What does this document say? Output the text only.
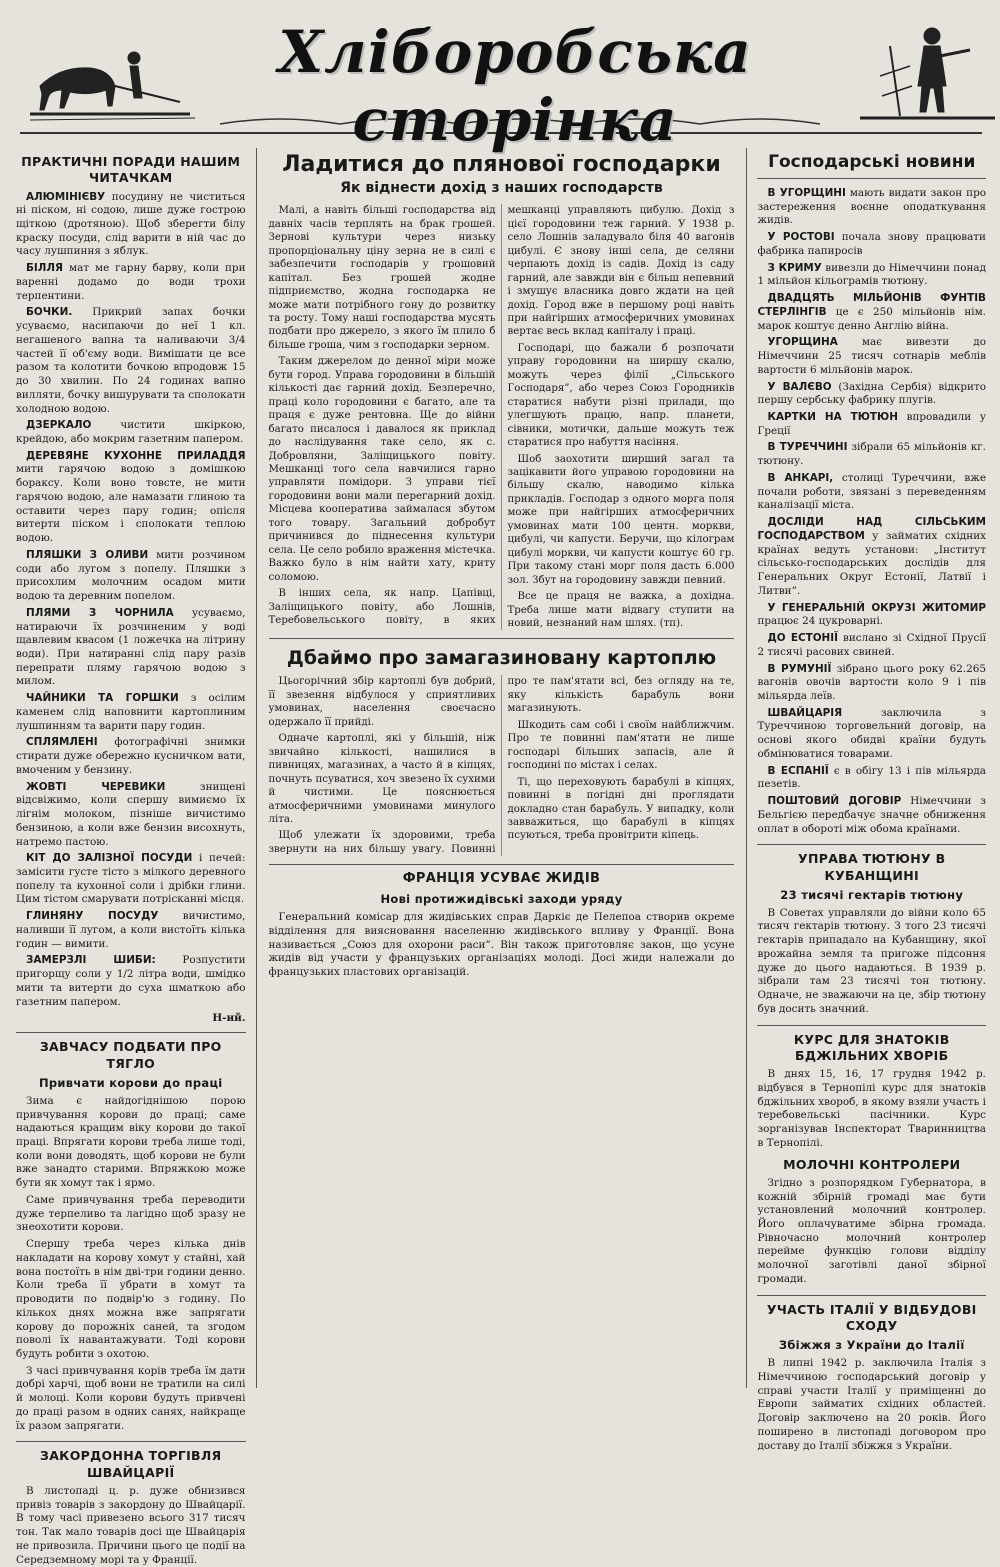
Хліборобська сторінка
ПРАКТИЧНІ ПОРАДИ НАШИМ ЧИТАЧКАМ

АЛЮМІНІЄВУ посудину не чиститься ні піском, ні содою, лише дуже гострою щіткою (дротяною). Щоб зберегти білу краску посуди, слід варити в ній час до часу лушпиння з яблук.

БІЛЛЯ мат ме гарну барву, коли при варенні додамо до води трохи терпентини.

БОЧКИ. Прикрий запах бочки усуваємо, насипаючи до неї 1 кл. негашеного вапна та наливаючи 3/4 частей її об'єму води. Вимішати це все разом та колотити бочкою впродовж 15 до 30 хвилин. По 24 годинах вапно вилляти, бочку вишурувати та сполокати холодною водою.

ДЗЕРКАЛО	чистити шкіркою, крейдою, або мокрим газетним папером.

ДЕРЕВЯНЕ КУХОННЕ ПРИЛАДДЯ мити гарячою водою з домішкою бораксу. Коли воно товсте, не мити гарячою водою, але намазати глиною та оставити через пару годин; опісля витерти піском і сполокати теплою водою.

ПЛЯШКИ З ОЛИВИ мити розчином соди або лугом з попелу. Пляшки з присохлим молочним осадом мити водою та деревним попелом.

ПЛЯМИ З ЧОРНИЛА усуваємо, натираючи їх розчиненим у воді щавлевим квасом (1 ложечка на літрину води). При натиранні слід пару разів перепрати пляму гарячою водою з милом.

ЧАЙНИКИ ТА ГОРШКИ з осілим каменем слід наповнити картоплиним лушпинням та варити пару годин.

СПЛЯМЛЕНІ фотографічні знимки стирати дуже обережно кусничком вати, вмоченим у бензину.

ЖОВТІ ЧЕРЕВИКИ	знищені відсвіжимо, коли спершу вимиємо їх лігнім молоком, пізніше вичистимо бензиною, а коли вже бензин висохнуть, натремо пастою.

КІТ ДО ЗАЛІЗНОЇ ПОСУДИ і печей: замісити густе тісто з мілкого деревного попелу та кухонної соли і дрібки глини. Цим тістом смарувати потрісканні місця.

ГЛИНЯНУ ПОСУДУ вичистимо, наливши її лугом, а коли вистоїть кілька годин — вимити.

ЗАМЕРЗЛІ ШИБИ:	Розпустити пригорщу соли у 1/2 літра води, шмідко мити та витерти до суха шматкою або газетним папером.

Н-ий.
ЗАВЧАСУ ПОДБАТИ ПРО ТЯГЛО
Привчати корови до праці

Зима є найдогіднішою порою привчування корови до праці; саме надаються кращим віку корови до такої праці. Впрягати корови треба лише тоді, коли вони доводять, щоб корови не були вже занадто старими. Впряжкою може бути як хомут так і ярмо.

Саме привчування треба переводити дуже терпеливо та лагідно щоб зразу не знеохотити корови.

Спершу треба через кілька днів накладати на корову хомут у стайні, хай вона постоїть в нім дві-три години денно. Коли треба її убрати в хомут та проводити по подвір'ю з годину. По кількох днях можна вже запрягати корову до порожніх саней, та згодом поволі їх навантажувати. Тоді корови будуть робити з охотою.

З часі привчування корів треба їм дати добрі харчі, щоб вони не тратили на силі й молоці. Коли корови будуть привчені до праці разом в одних санях, найкраще їх разом запрягати.

ЗАКОРДОННА ТОРГІВЛЯ ШВАЙЦАРІЇ

В листопаді ц. р. дуже обнизився привіз товарів з закордону до Швайцарії. В тому часі привезено всього 317 тисяч тон. Так мало товарів досі ще Швайцарія не привозила. Причини цього це події на Середземному морі та у Франції.

Ладитися до плянової господарки
Як віднести дохід з наших господарств

Малі, а навіть більші господарства від давніх часів терплять на брак грошей. Зернові культури через низьку пропорціональну ціну зерна не в силі є забезпечити господарів у грошовий капітал. Без грошей жодне підприємство, жодна господарка не може мати потрібного гону до розвитку та росту. Тому наші господарства мусять подбати про джерело, з якого їм плило б більше гроша, чим з господарки зерном.

Таким джерелом до денної міри може бути город. Управа городовини в більшій кількості дає гарний дохід. Безперечно, праці коло городовини є багато, але та праця є дуже рентовна. Ще до війни багато писалося і давалося як приклад до наслідування таке село, як с. Добровляни, Заліщицького повіту. Мешканці того села навчилися гарно управляти помідори. З управи тієї городовини вони мали перегарний дохід. Місцева кооператива займалася збутом того товару. Загальний добробут причинився до піднесення культури села. Це село робило враження містечка. Важко було в нім найти хату, криту соломою.

В інших села, як напр. Цапівці, Заліщицького повіту, або Лошнів, Теребовельського повіту, в яких мешканці управляють цибулю. Дохід з цієї городовини теж гарний. У 1938 р. село Лошнів заладувало біля 40 вагонів цибулі. Є знову інші села, де селяни черпають дохід із садів. Дохід із саду гарний, але завжди він є більш непевний і змушує власника довго ждати на цей дохід. Город вже в першому році навіть при найгірших атмосферичних умовинах вертає весь вклад капіталу і праці.

Господарі, що бажали б розпочати управу городовини на ширшу скалю, можуть через філії „Сільського Господаря”, або через Союз Городників старатися набути різні прилади, що улегшують працю, напр. планети, сівники, мотички, дальше можуть теж старатися про набуття насіння.

Шоб заохотити ширший загал та зацікавити його управою городовини на більшу скалю, наводимо кілька прикладів. Господар з одного морга поля може при найгірших атмосферичних умовинах мати 100 центн. моркви, цибулі, чи капусти. Беручи, що кілограм цибулі моркви, чи капусти коштує 60 гр. При такому стані морг поля дасть 6.000 зол. Збут на городовину завжди певний.

Все це праця не важка, а дохідна. Треба лише мати відвагу ступити на новий, незнаний нам шлях. (тп).

Дбаймо про замагазиновану картоплю

Цьогорічний збір картоплі був добрий, її звезення відбулося у сприятливих умовинах, населення своєчасно одержало її прийді.

Одначе картоплі, які у більшій, ніж звичайно кількості, нашилися в пивницях, магазинах, а часто й в кіпцях, почнуть псуватися, хоч звезено їх сухими й чистими. Це пояснюється атмосферичними умовинами минулого літа.

Щоб улежати їх здоровими, треба звернути на них більшу увагу. Повинні про те пам'ятати всі, без огляду на те, яку кількість барабуль вони магазинують.

Шкодить сам собі і своїм найближчим. Про те повинні пам'ятати не лише господарі більших запасів, але й господині по містах і селах.

Ті, що переховують барабулі в кіпцях, повинні в погідні дні проглядати докладно стан барабуль. У випадку, коли завважиться, що барабулі в кіпцях псуються, треба провітрити кіпець.

ФРАНЦІЯ УСУВАЄ ЖИДІВ
Нові протижидівські заходи уряду

Генеральний комісар для жидівських справ Даркіє де Пелепоа створив окреме відділення для виясновання населенню жидівського впливу у Франції. Вона називається „Союз для охорони раси”. Він також приготовляє закон, що усуне жидів від участи у французьких організаціях молоді. Досі жиди належали до французьких пластових організацій.

Господарські новини

В УГОРЩИНІ мають видати закон про застереження воєнне оподаткування жидів.

У РОСТОВІ почала знову працювати фабрика папиросів

З КРИМУ вивезли до Німеччини понад 1 мільйон кільограмів тютюну.

ДВАДЦЯТЬ МІЛЬЙОНІВ ФУНТІВ СТЕРЛІНГІВ це є 250 мільйонів нім. марок коштує денно Англію війна.

УГОРЩИНА має вивезти до Німеччини 25 тисяч сотнарів меблів вартости 6 мільйонів марок.

У ВАЛЄВО (Західна Сербія) відкрито першу сербську фабрику плугів.

КАРТКИ НА ТЮТЮН впровадили у Греції

В ТУРЕЧЧИНІ зібрали 65 мільйонів кг. тютюну.

В АНКАРІ, столиці Туреччини, вже почали роботи, звязані з переведенням каналізації міста.

ДОСЛІДИ НАД СІЛЬСЬКИМ ГОСПОДАРСТВОМ у займатих східних країнах ведуть установи: „Інститут сільсько-господарських дослідів для Генеральних Округ Естонії, Латвії і Литви”.

У ГЕНЕРАЛЬНІЙ ОКРУЗІ ЖИТОМИР працює 24 цукроварні.

ДО ЕСТОНІЇ вислано зі Східної Прусії 2 тисячі расових свиней.

В РУМУНІЇ зібрано цього року 62.265 вагонів овочів вартости коло 9 і пів мільярда леїв.

ШВАЙЦАРІЯ	заключила з Туреччиною торговельний договір, на основі якого обидві країни будуть обмінюватися товарами.

В ЕСПАНІЇ є в обігу 13 і пів мільярда пезетів.

ПОШТОВИЙ ДОГОВІР Німеччини з Бельгією передбачує значне обниження оплат в обороті між обома країнами.

УПРАВА ТЮТЮНУ В КУБАНЩИНІ
23 тисячі гектарів тютюну

В Советах управляли до війни коло 65 тисяч гектарів тютюну. З того 23 тисячі гектарів припадало на Кубанщину, якої врожайна земля та пригоже підсоння дуже до цього надаються. В 1939 р. зібрали там 23 тисячі тон тютюну. Одначе, не зважаючи на це, збір тютюну був досить значний.

КУРС ДЛЯ ЗНАТОКІВ БДЖІЛЬНИХ ХВОРІБ

В днях 15, 16, 17 грудня 1942 р. відбувся в Тернопілі курс для знатоків бджільних хвороб, в якому взяли участь і теребовельські пасічники. Курс зорганізував Інспекторат Тваринництва в Тернопілі.

МОЛОЧНІ КОНТРОЛЕРИ

Згідно з розпорядком Губернатора, в кожній збірній громаді має бути установлений молочний контролер. Його оплачуватиме збірна громада. Рівночасно молочний контролер перейме функцію голови відділу молочної заготівлі даної збірної громади.

УЧАСТЬ ІТАЛІЇ У ВІДБУДОВІ СХОДУ
Збіжжя з України до Італії

В липні 1942 р. заключила Італія з Німеччиною господарський договір у справі участи Італії у приміщенні до Европи займатих східних областей. Договір заключено на 20 років. Його поширено в листопаді договором про доставу до Італії збіжжя з України.
